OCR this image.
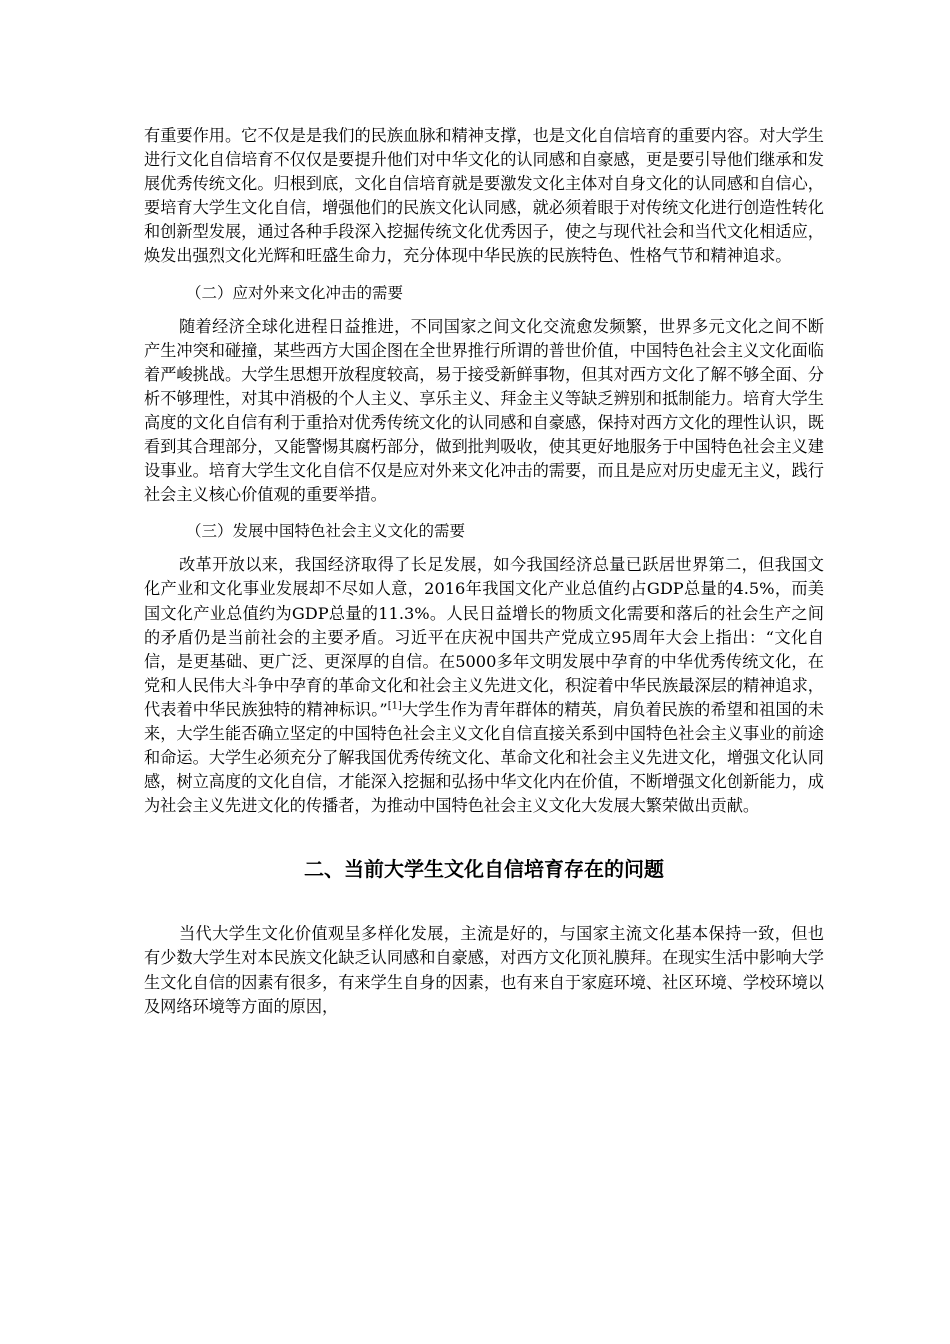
有重要作用。它不仅是是我们的民族血脉和精神支撑，也是文化自信培育的重要内容。对大学生进行文化自信培育不仅仅是要提升他们对中华文化的认同感和自豪感，更是要引导他们继承和发展优秀传统文化。归根到底，文化自信培育就是要激发文化主体对自身文化的认同感和自信心，要培育大学生文化自信，增强他们的民族文化认同感，就必须着眼于对传统文化进行创造性转化和创新型发展，通过各种手段深入挖掘传统文化优秀因子，使之与现代社会和当代文化相适应，焕发出强烈文化光辉和旺盛生命力，充分体现中华民族的民族特色、性格气节和精神追求。

（二）应对外来文化冲击的需要

随着经济全球化进程日益推进，不同国家之间文化交流愈发频繁，世界多元文化之间不断产生冲突和碰撞，某些西方大国企图在全世界推行所谓的普世价值，中国特色社会主义文化面临着严峻挑战。大学生思想开放程度较高，易于接受新鲜事物，但其对西方文化了解不够全面、分析不够理性，对其中消极的个人主义、享乐主义、拜金主义等缺乏辨别和抵制能力。培育大学生高度的文化自信有利于重拾对优秀传统文化的认同感和自豪感，保持对西方文化的理性认识，既看到其合理部分，又能警惕其腐朽部分，做到批判吸收，使其更好地服务于中国特色社会主义建设事业。培育大学生文化自信不仅是应对外来文化冲击的需要，而且是应对历史虚无主义，践行社会主义核心价值观的重要举措。

（三）发展中国特色社会主义文化的需要

改革开放以来，我国经济取得了长足发展，如今我国经济总量已跃居世界第二，但我国文化产业和文化事业发展却不尽如人意，2016年我国文化产业总值约占GDP总量的4.5%，而美国文化产业总值约为GDP总量的11.3%。人民日益增长的物质文化需要和落后的社会生产之间的矛盾仍是当前社会的主要矛盾。习近平在庆祝中国共产党成立95周年大会上指出：“文化自信，是更基础、更广泛、更深厚的自信。在5000多年文明发展中孕育的中华优秀传统文化，在党和人民伟大斗争中孕育的革命文化和社会主义先进文化，积淀着中华民族最深层的精神追求，代表着中华民族独特的精神标识。”[1]大学生作为青年群体的精英，肩负着民族的希望和祖国的未来，大学生能否确立坚定的中国特色社会主义文化自信直接关系到中国特色社会主义事业的前途和命运。大学生必须充分了解我国优秀传统文化、革命文化和社会主义先进文化，增强文化认同感，树立高度的文化自信，才能深入挖掘和弘扬中华文化内在价值，不断增强文化创新能力，成为社会主义先进文化的传播者，为推动中国特色社会主义文化大发展大繁荣做出贡献。

二、当前大学生文化自信培育存在的问题

当代大学生文化价值观呈多样化发展，主流是好的，与国家主流文化基本保持一致，但也有少数大学生对本民族文化缺乏认同感和自豪感，对西方文化顶礼膜拜。在现实生活中影响大学生文化自信的因素有很多，有来学生自身的因素，也有来自于家庭环境、社区环境、学校环境以及网络环境等方面的原因，
